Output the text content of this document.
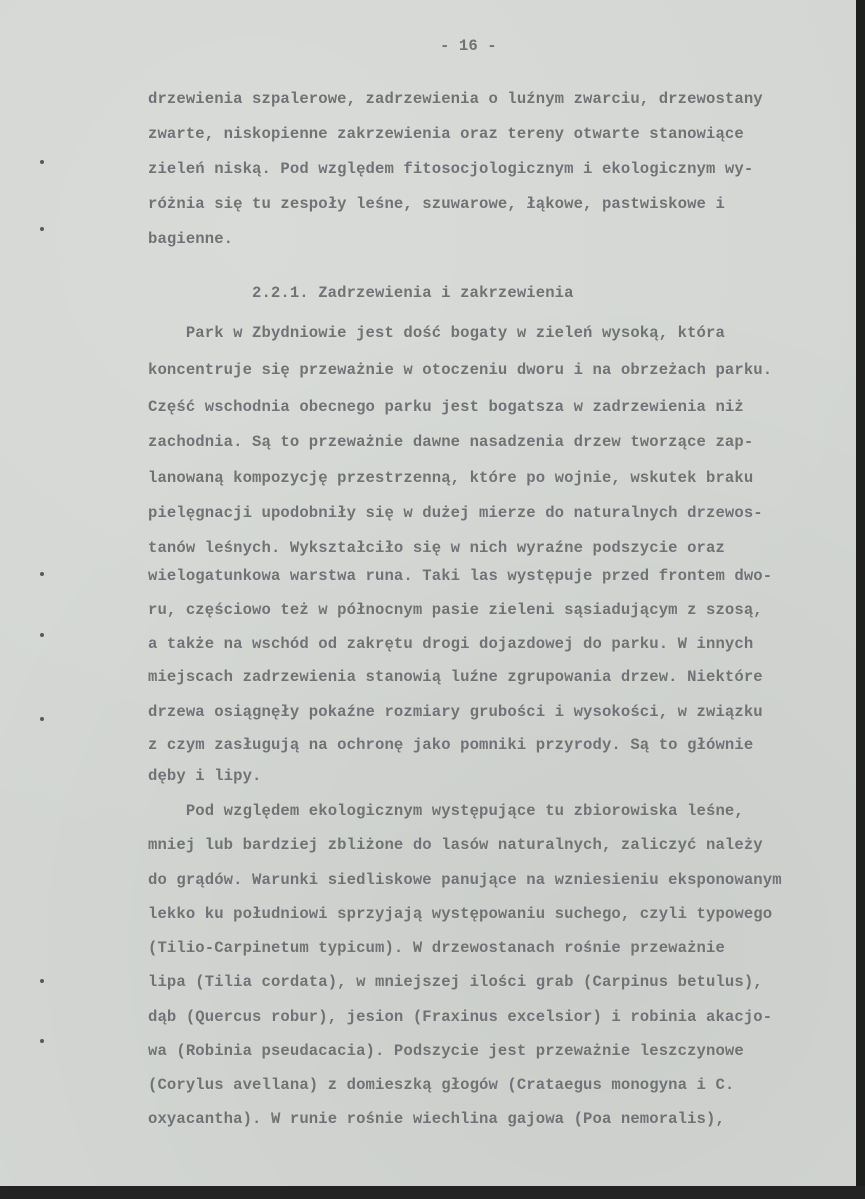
- 16 -
drzewienia szpalerowe, zadrzewienia o luźnym zwarciu, drzewostany
zwarte, niskopienne zakrzewienia oraz tereny otwarte stanowiące
zieleń niską. Pod względem fitosocjologicznym i ekologicznym wy-
różnia się tu zespoły leśne, szuwarowe, łąkowe, pastwiskowe i
bagienne.
2.2.1. Zadrzewienia i zakrzewienia
Park w Zbydniowie jest dość bogaty w zieleń wysoką, która
koncentruje się przeważnie w otoczeniu dworu i na obrzeżach parku.
Część wschodnia obecnego parku jest bogatsza w zadrzewienia niż
zachodnia. Są to przeważnie dawne nasadzenia drzew tworzące zap-
lanowaną kompozycję przestrzenną, które po wojnie, wskutek braku
pielęgnacji upodobniły się w dużej mierze do naturalnych drzewos-
tanów leśnych. Wykształciło się w nich wyraźne podszycie oraz
wielogatunkowa warstwa runa. Taki las występuje przed frontem dwo-
ru, częściowo też w północnym pasie zieleni sąsiadującym z szosą,
a także na wschód od zakrętu drogi dojazdowej do parku. W innych
miejscach zadrzewienia stanowią luźne zgrupowania drzew. Niektóre
drzewa osiągnęły pokaźne rozmiary grubości i wysokości, w związku
z czym zasługują na ochronę jako pomniki przyrody. Są to głównie
dęby i lipy.
Pod względem ekologicznym występujące tu zbiorowiska leśne,
mniej lub bardziej zbliżone do lasów naturalnych, zaliczyć należy
do grądów. Warunki siedliskowe panujące na wzniesieniu eksponowanym
lekko ku południowi sprzyjają występowaniu suchego, czyli typowego
(Tilio-Carpinetum typicum). W drzewostanach rośnie przeważnie
lipa (Tilia cordata), w mniejszej ilości grab (Carpinus betulus),
dąb (Quercus robur), jesion (Fraxinus excelsior) i robinia akacjo-
wa (Robinia pseudacacia). Podszycie jest przeważnie leszczynowe
(Corylus avellana) z domieszką głogów (Crataegus monogyna i C.
oxyacantha). W runie rośnie wiechlina gajowa (Poa nemoralis),
